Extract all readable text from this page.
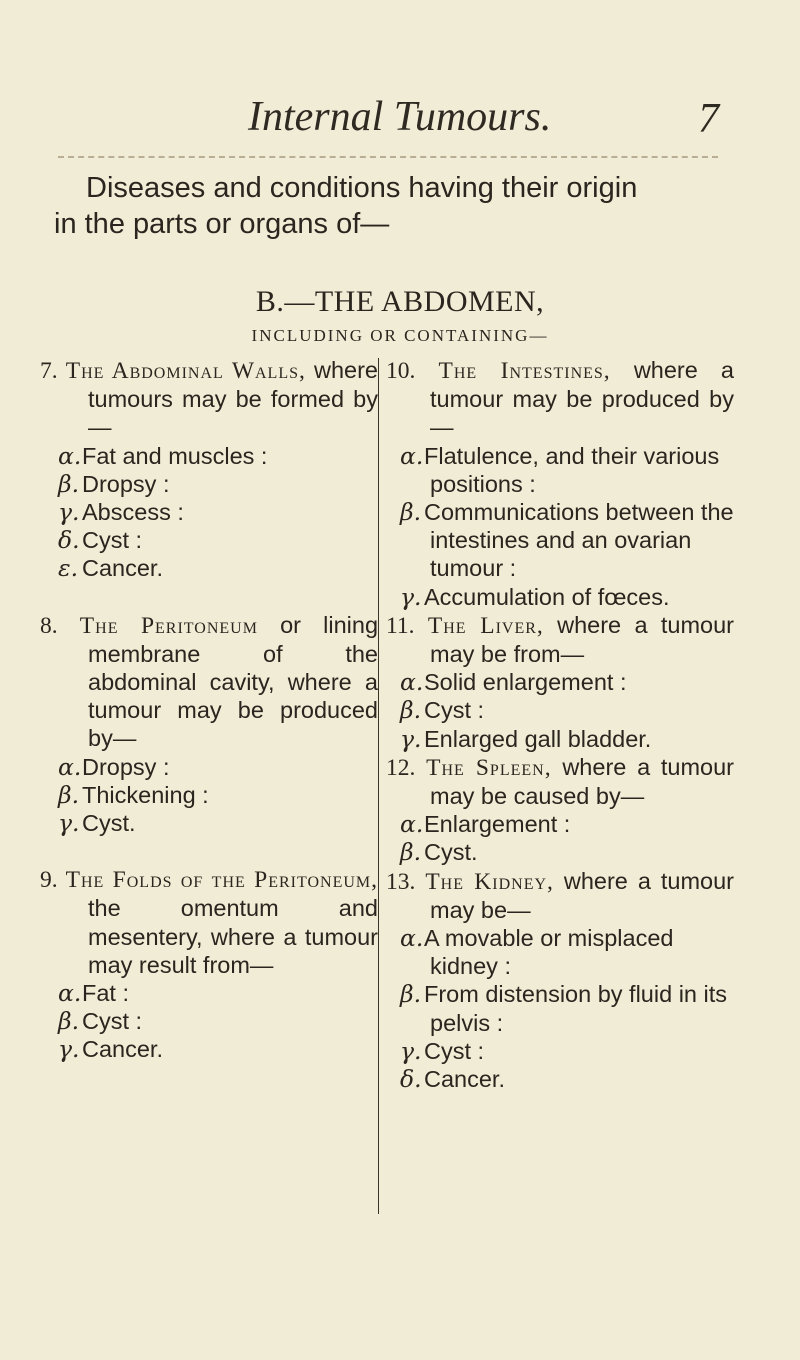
Internal Tumours.	7
Diseases and conditions having their origin
in the parts or organs of—
B.—THE ABDOMEN,
INCLUDING OR CONTAINING—
7. The Abdominal Walls, where tumours may be formed by—
α.Fat and muscles :
β. Dropsy :
γ. Abscess :
δ. Cyst :
ε. Cancer.
8. The Peritoneum or lining membrane of the abdominal cavity, where a tumour may be produced by—
α.Dropsy :
β. Thickening :
γ. Cyst.
9. The Folds of the Peritoneum, the omentum and mesentery, where a tumour may result from—
α.Fat :
β. Cyst :
γ. Cancer.
10. The Intestines, where a tumour may be produced by—
α.Flatulence, and their various positions :
β. Communications between the intestines and an ovarian tumour :
γ. Accumulation of fœces.
11. The Liver, where a tumour may be from—
α.Solid enlargement :
β. Cyst :
γ. Enlarged gall bladder.
12. The Spleen, where a tumour may be caused by—
α.Enlargement :
β. Cyst.
13. The Kidney, where a tumour may be—
α.A movable or misplaced kidney :
β. From distension by fluid in its pelvis :
γ. Cyst :
δ. Cancer.
